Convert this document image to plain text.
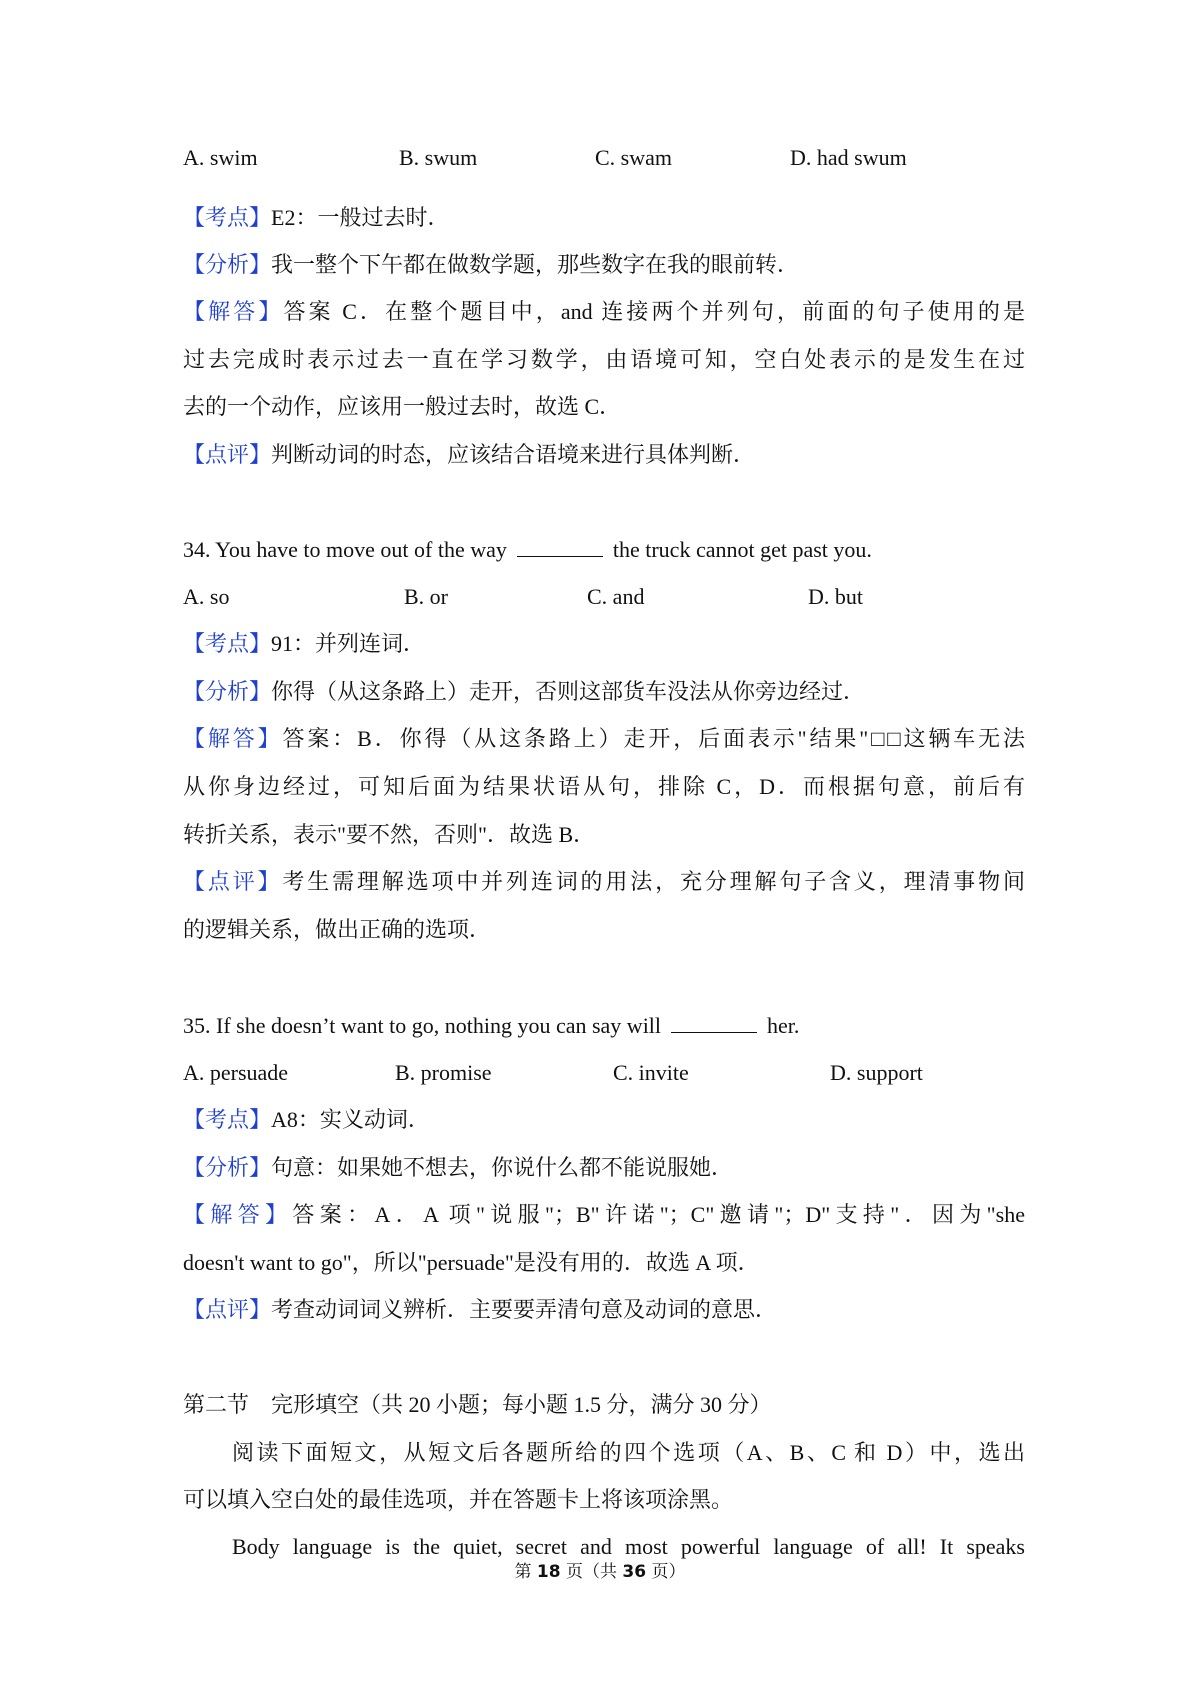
A. swim	B. swum	C. swam	D. had swum
【考点】E2：一般过去时．
【分析】我一整个下午都在做数学题，那些数字在我的眼前转．
【解答】答案 C．在整个题目中，and 连接两个并列句，前面的句子使用的是
过去完成时表示过去一直在学习数学，由语境可知，空白处表示的是发生在过
去的一个动作，应该用一般过去时，故选 C．
【点评】判断动词的时态，应该结合语境来进行具体判断．
34. You have to move out of the way	the truck cannot get past you.
A. so	B. or	C. and	D. but
【考点】91：并列连词．
【分析】你得（从这条路上）走开，否则这部货车没法从你旁边经过．
【解答】答案：B．你得（从这条路上）走开，后面表示"结果"□□这辆车无法
从你身边经过，可知后面为结果状语从句，排除 C，D．而根据句意，前后有
转折关系，表示"要不然，否则"．故选 B．
【点评】考生需理解选项中并列连词的用法，充分理解句子含义，理清事物间
的逻辑关系，做出正确的选项．
35. If she doesn’t want to go, nothing you can say will	her.
A. persuade	B. promise	C. invite	D. support
【考点】A8：实义动词．
【分析】句意：如果她不想去，你说什么都不能说服她．
【解答】答案：A．A 项"说服"；B"许诺"；C"邀请"；D"支持"．因为"she
doesn't want to go"，所以"persuade"是没有用的．故选 A 项．
【点评】考查动词词义辨析．主要要弄清句意及动词的意思．
第二节　完形填空（共 20 小题；每小题 1.5 分，满分 30 分）
阅读下面短文，从短文后各题所给的四个选项（A、B、C 和 D）中，选出
可以填入空白处的最佳选项，并在答题卡上将该项涂黑。
Body language is the quiet, secret and most powerful language of all! It speaks
第 18 页（共 36 页）
